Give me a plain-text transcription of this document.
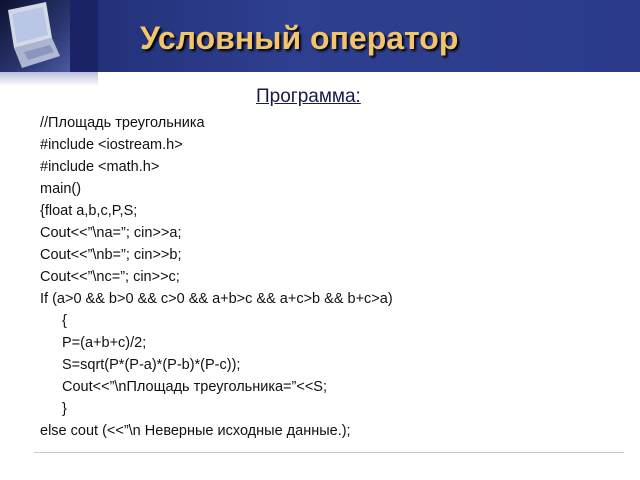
Условный оператор
Программа:
//Площадь треугольника
#include <iostream.h>
#include <math.h>
main()
{float a,b,c,P,S;
Cout<<”\na=”; cin>>a;
Cout<<”\nb=”; cin>>b;
Cout<<”\nc=”; cin>>c;
If (a>0 && b>0 && c>0 && a+b>c && a+c>b && b+c>a)
{
P=(a+b+c)/2;
S=sqrt(P*(P-a)*(P-b)*(P-c));
Cout<<”\nПлощадь треугольника=”<<S;
}
else cout (<<”\n Неверные исходные данные.);
